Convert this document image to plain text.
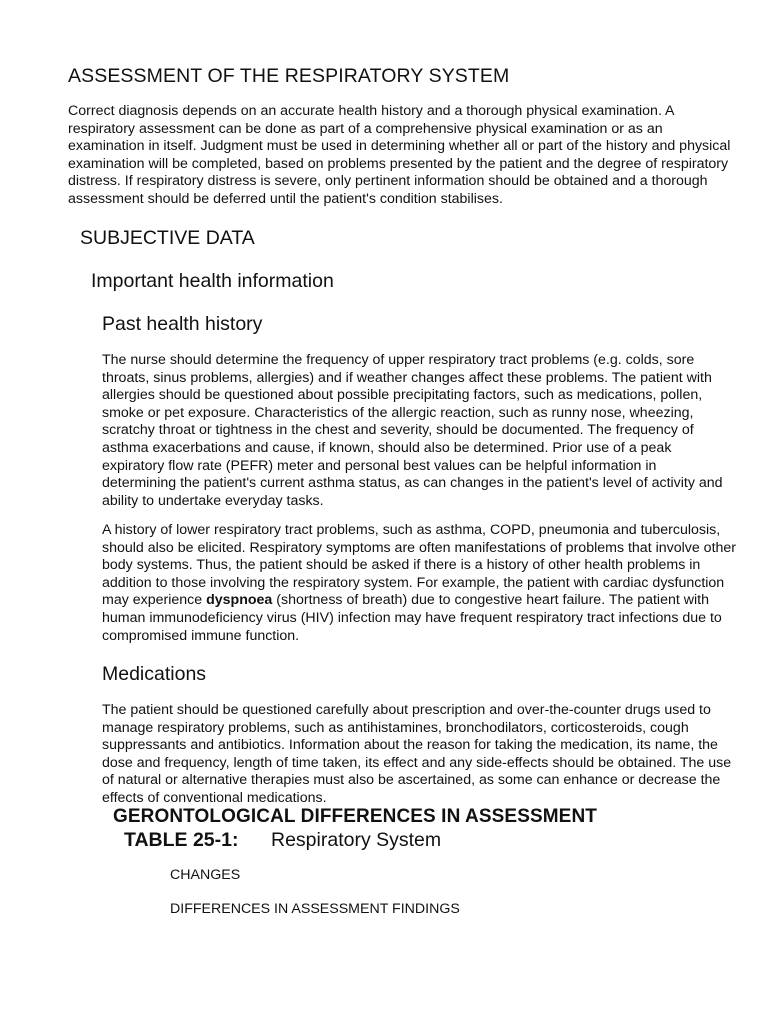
ASSESSMENT OF THE RESPIRATORY SYSTEM

Correct diagnosis depends on an accurate health history and a thorough physical examination. A respiratory assessment can be done as part of a comprehensive physical examination or as an examination in itself. Judgment must be used in determining whether all or part of the history and physical examination will be completed, based on problems presented by the patient and the degree of respiratory distress. If respiratory distress is severe, only pertinent information should be obtained and a thorough assessment should be deferred until the patient's condition stabilises.

SUBJECTIVE DATA
Important health information
Past health history

The nurse should determine the frequency of upper respiratory tract problems (e.g. colds, sore throats, sinus problems, allergies) and if weather changes affect these problems. The patient with allergies should be questioned about possible precipitating factors, such as medications, pollen, smoke or pet exposure. Characteristics of the allergic reaction, such as runny nose, wheezing, scratchy throat or tightness in the chest and severity, should be documented. The frequency of asthma exacerbations and cause, if known, should also be determined. Prior use of a peak expiratory flow rate (PEFR) meter and personal best values can be helpful information in determining the patient's current asthma status, as can changes in the patient's level of activity and ability to undertake everyday tasks.

A history of lower respiratory tract problems, such as asthma, COPD, pneumonia and tuberculosis, should also be elicited. Respiratory symptoms are often manifestations of problems that involve other body systems. Thus, the patient should be asked if there is a history of other health problems in addition to those involving the respiratory system. For example, the patient with cardiac dysfunction may experience dyspnoea (shortness of breath) due to congestive heart failure. The patient with human immunodeficiency virus (HIV) infection may have frequent respiratory tract infections due to compromised immune function.

Medications

The patient should be questioned carefully about prescription and over-the-counter drugs used to manage respiratory problems, such as antihistamines, bronchodilators, corticosteroids, cough suppressants and antibiotics. Information about the reason for taking the medication, its name, the dose and frequency, length of time taken, its effect and any side-effects should be obtained. The use of natural or alternative therapies must also be ascertained, as some can enhance or decrease the effects of conventional medications.

GERONTOLOGICAL DIFFERENCES IN ASSESSMENT
TABLE 25-1: Respiratory System
CHANGES
DIFFERENCES IN ASSESSMENT FINDINGS
